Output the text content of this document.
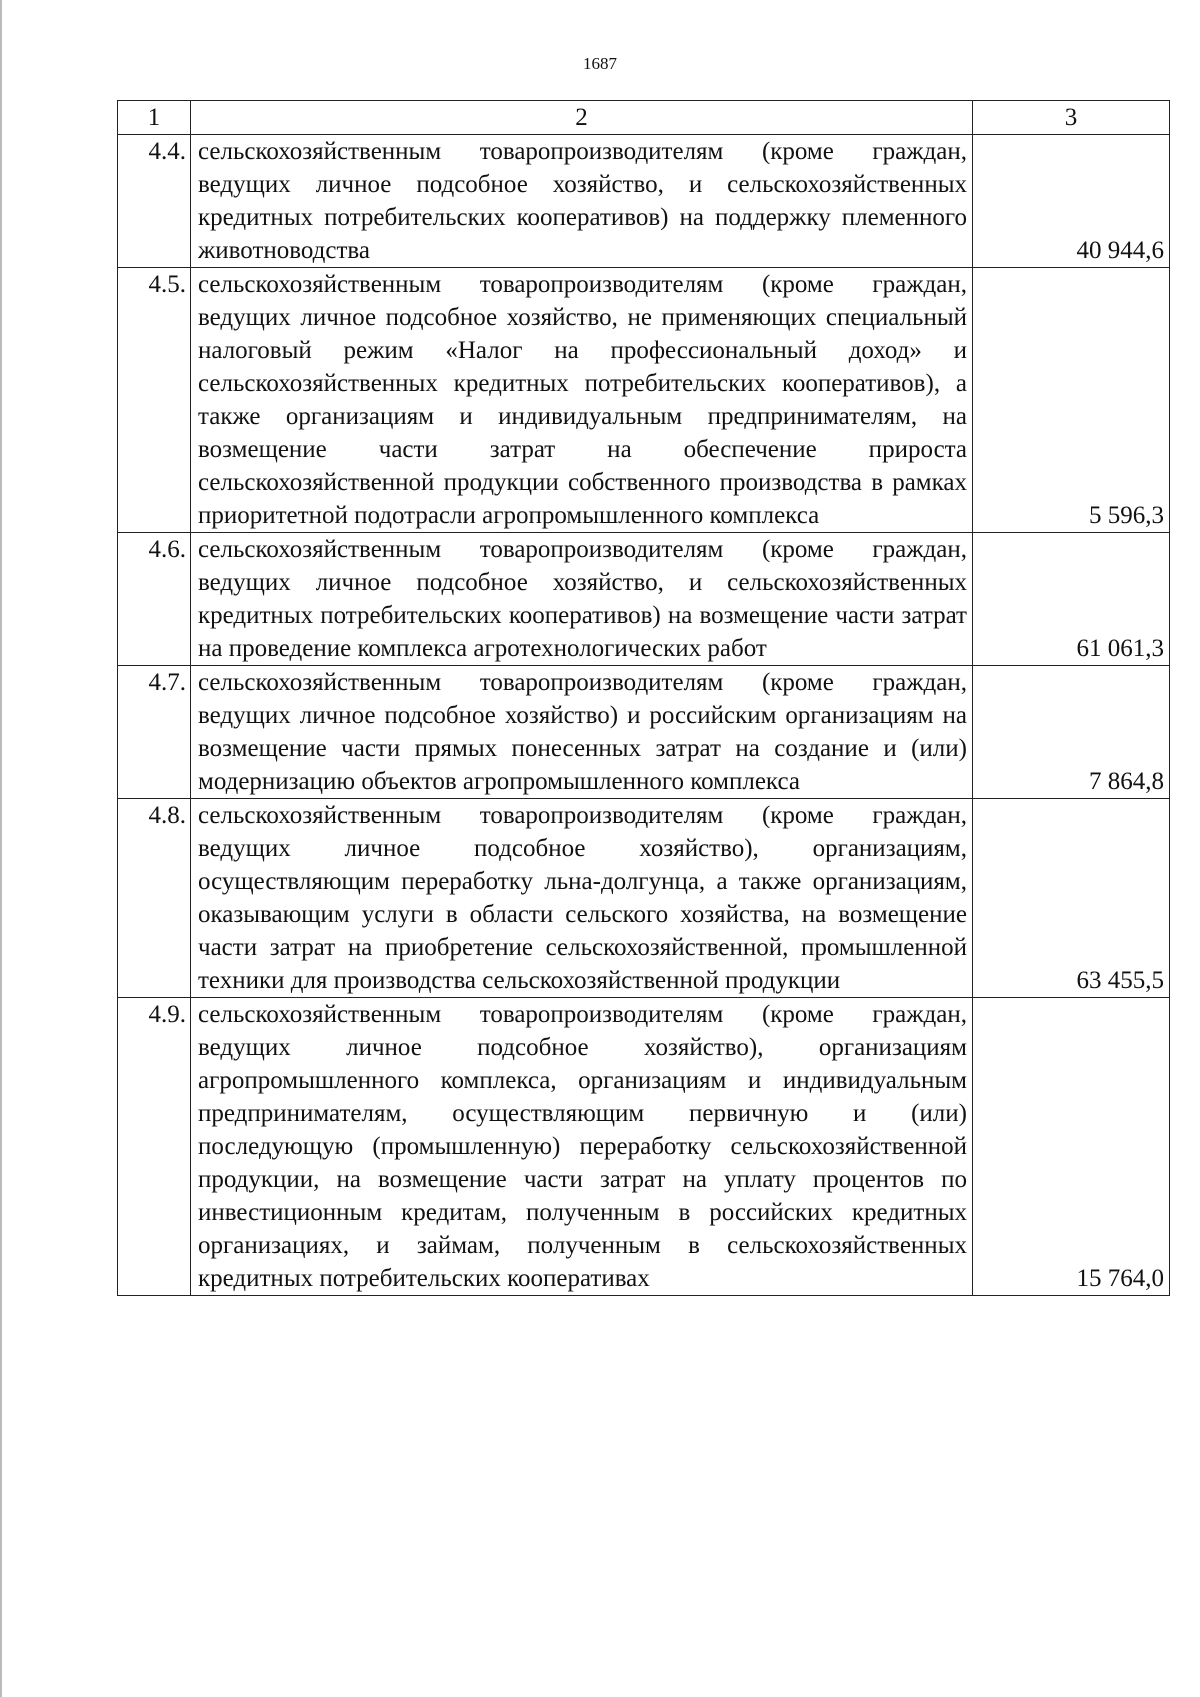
1687
1	2	3
4.4.	сельскохозяйственным товаропроизводителям (кроме граждан, ведущих личное подсобное хозяйство, и сельскохозяйственных кредитных потребительских кооперативов) на поддержку племенного животноводства	40 944,6
4.5.	сельскохозяйственным товаропроизводителям (кроме граждан, ведущих личное подсобное хозяйство, не применяющих специальный налоговый режим «Налог на профессиональный доход» и сельскохозяйственных кредитных потребительских кооперативов), а также организациям и индивидуальным предпринимателям, на возмещение части затрат на обеспечение прироста сельскохозяйственной продукции собственного производства в рамках приоритетной подотрасли агропромышленного комплекса	5 596,3
4.6.	сельскохозяйственным товаропроизводителям (кроме граждан, ведущих личное подсобное хозяйство, и сельскохозяйственных кредитных потребительских кооперативов) на возмещение части затрат на проведение комплекса агротехнологических работ	61 061,3
4.7.	сельскохозяйственным товаропроизводителям (кроме граждан, ведущих личное подсобное хозяйство) и российским организациям на возмещение части прямых понесенных затрат на создание и (или) модернизацию объектов агропромышленного комплекса	7 864,8
4.8.	сельскохозяйственным товаропроизводителям (кроме граждан, ведущих личное подсобное хозяйство), организациям, осуществляющим переработку льна-долгунца, а также организациям, оказывающим услуги в области сельского хозяйства, на возмещение части затрат на приобретение сельскохозяйственной, промышленной техники для производства сельскохозяйственной продукции	63 455,5
4.9.	сельскохозяйственным товаропроизводителям (кроме граждан, ведущих личное подсобное хозяйство), организациям агропромышленного комплекса, организациям и индивидуальным предпринимателям, осуществляющим первичную и (или) последующую (промышленную) переработку сельскохозяйственной продукции, на возмещение части затрат на уплату процентов по инвестиционным кредитам, полученным в российских кредитных организациях, и займам, полученным в сельскохозяйственных кредитных потребительских кооперативах	15 764,0
